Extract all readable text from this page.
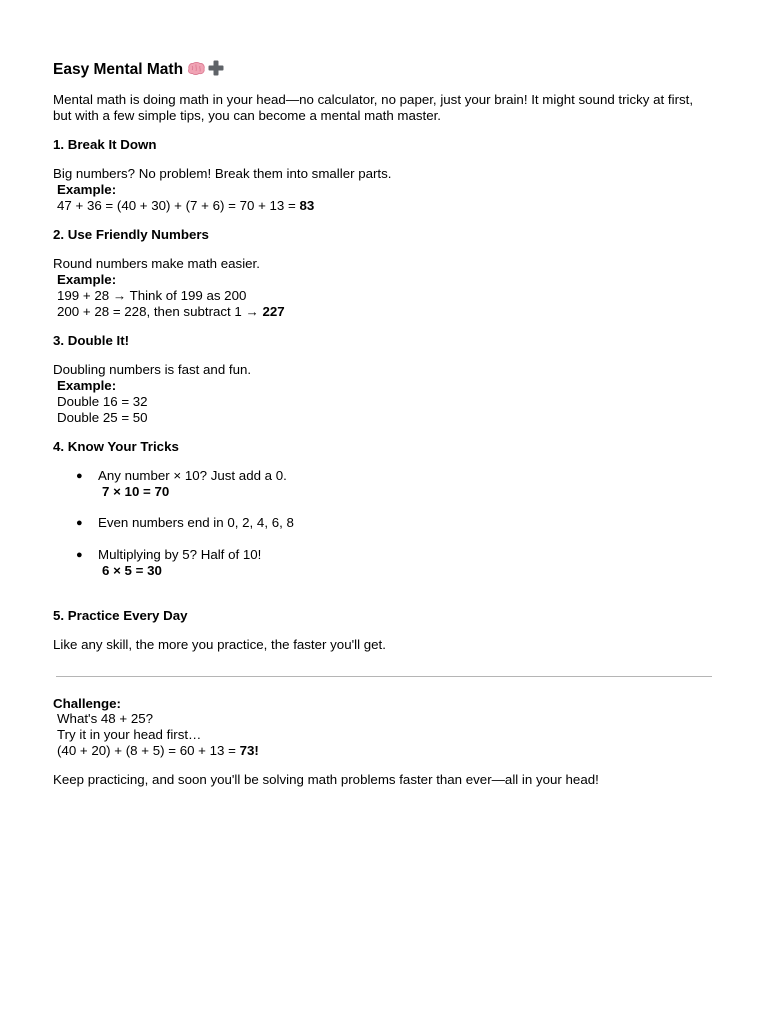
Easy Mental Math
Mental math is doing math in your head—no calculator, no paper, just your brain! It might sound tricky at first, but with a few simple tips, you can become a mental math master.
1. Break It Down
Big numbers? No problem! Break them into smaller parts.
Example:
47 + 36 = (40 + 30) + (7 + 6) = 70 + 13 = 83
2. Use Friendly Numbers
Round numbers make math easier.
Example:
199 + 28 → Think of 199 as 200
200 + 28 = 228, then subtract 1 → 227
3. Double It!
Doubling numbers is fast and fun.
Example:
Double 16 = 32
Double 25 = 50
4. Know Your Tricks
● Any number × 10? Just add a 0.
7 × 10 = 70
● Even numbers end in 0, 2, 4, 6, 8
● Multiplying by 5? Half of 10!
6 × 5 = 30
5. Practice Every Day
Like any skill, the more you practice, the faster you'll get.
Challenge:
What's 48 + 25?
Try it in your head first…
(40 + 20) + (8 + 5) = 60 + 13 = 73!
Keep practicing, and soon you'll be solving math problems faster than ever—all in your head!
